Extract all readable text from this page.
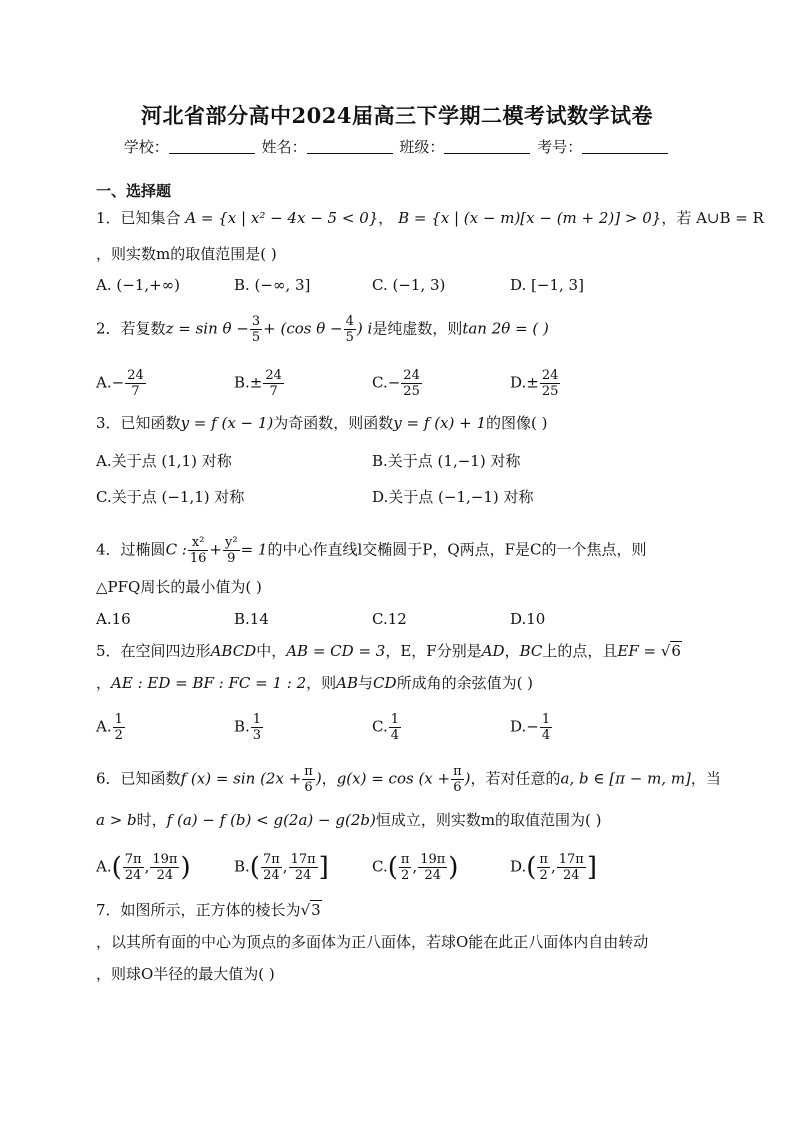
河北省部分高中2024届高三下学期二模考试数学试卷
学校：	姓名：	班级：	考号：
一、选择题
1．已知集合 A = {x | x² − 4x − 5 < 0}， B = {x | (x − m)[x − (m + 2)] > 0}，若 A∪B = R
，则实数m的取值范围是( )
A. (−1,+∞)	B. (−∞, 3]	C. (−1, 3)	D. [−1, 3]
2．若复数$z = \sin \theta - \frac{3}{5} + (\cos$ $\theta - \frac{4}{5}$ ) i是纯虚数，则tan 2θ = ( )
$A.- \frac{24}{7}$	$B.\pm \frac{24}{7}$	$C.- \frac{24}{25}$	$D.\pm \frac{24}{25}$
3．已知函数y = f (x − 1)为奇函数，则函数y = f (x) + 1的图像( )
A.关于点 (1,1) 对称	B.关于点 (1,−1) 对称
C.关于点 (−1,1) 对称	D.关于点 (−1,−1) 对称
4．过椭圆C : $\frac{\text{x²}}{16} + \frac{\text{y²}}{9} = 1$的中心作直线l交椭圆于P，Q两点，F是C的一个焦点，则
△PFQ周长的最小值为( )
A.16	B.14	C.12	D.10
5．在空间四边形ABCD中，AB = CD = 3，E，F分别是AD，BC上的点，且EF = √6
，AE : ED = BF : FC = 1 : 2，则AB与CD所成角的余弦值为( )
A. $\frac{1}{2}$	B. $\frac{1}{3}$	C. $\frac{1}{4}$	$D.- \frac{1}{4}$
6．已知函数f $(x) = \sin (2x + \frac{\pi}{6}$ )，$g(x) = \cos (x + \frac{\pi}{6}$ )，若对任意的a, b ∈ [π − m, m]，当
a > b时，f (a) − f (b) < g(2a) − g(2b)恒成立，则实数m的取值范围为( )
$A.( \frac{7\pi}{24}$ , $\frac{19\pi}{24}$ )	$B.( \frac{7\pi}{24}$ , $\frac{17\pi}{24}$ ]	$C.( \frac{\pi}{2}$ , $\frac{19\pi}{24}$ )	$D.( \frac{\pi}{2}$ , $\frac{17\pi}{24}$ ]
7．如图所示，正方体的棱长为√3
，以其所有面的中心为顶点的多面体为正八面体，若球O能在此正八面体内自由转动
，则球O半径的最大值为( )
